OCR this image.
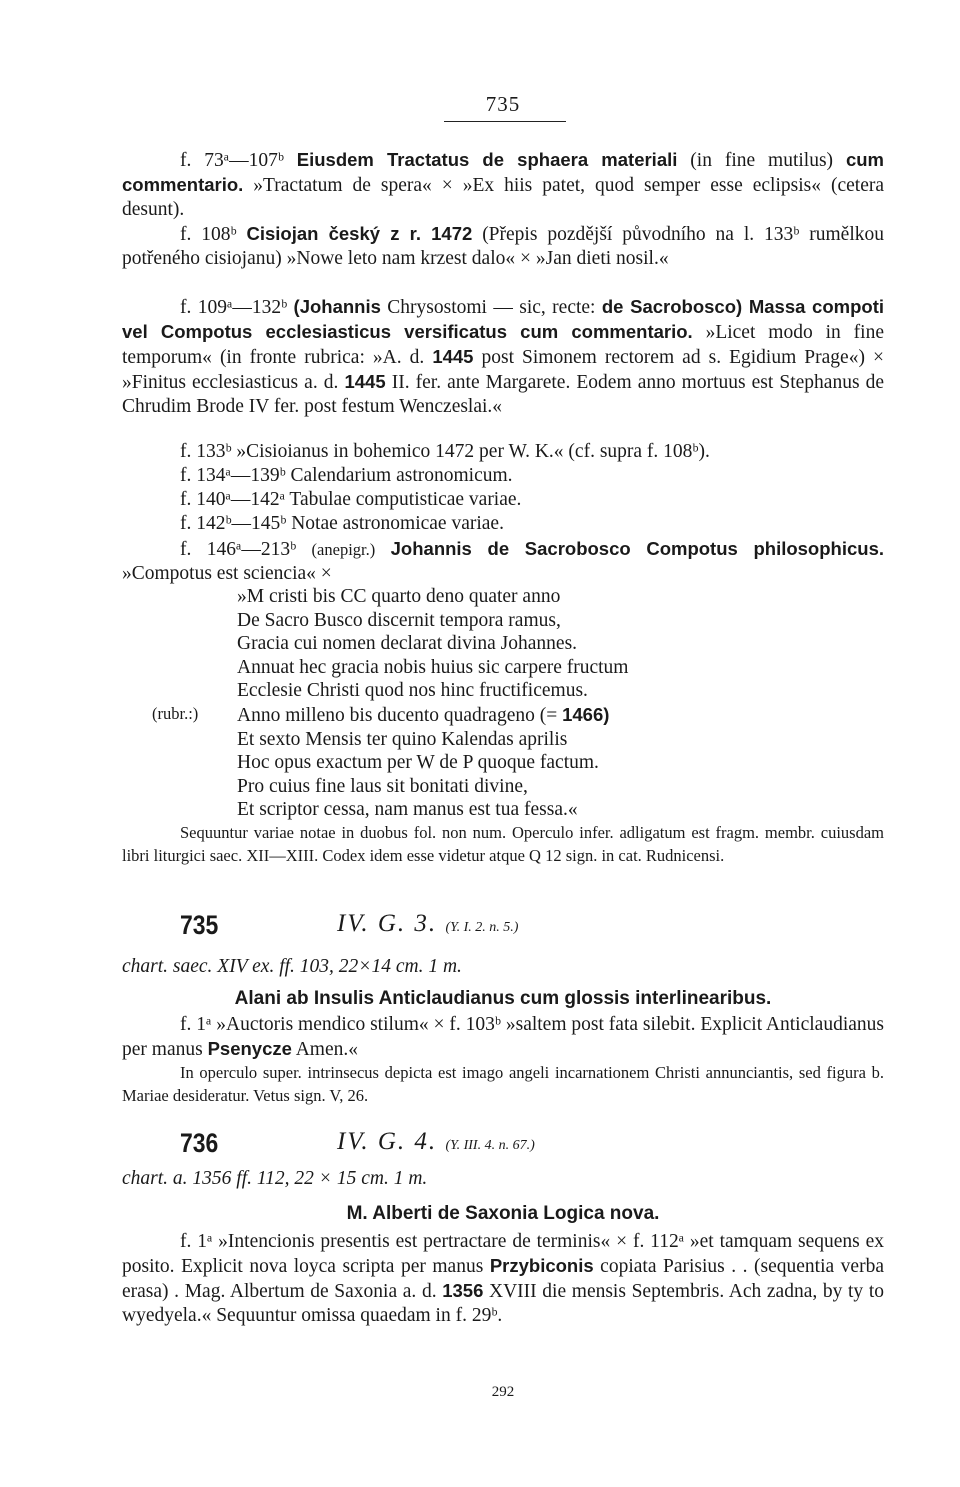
735
f. 73ᵃ—107ᵇ Eiusdem Tractatus de sphaera materiali (in fine mutilus) cum commentario. »Tractatum de spera« × »Ex hiis patet, quod semper esse eclipsis« (cetera desunt).
f. 108ᵇ Cisiojan český z r. 1472 (Přepis pozdější původního na l. 133ᵇ rumělkou potřeného cisiojanu) »Nowe leto nam krzest dalo« × »Jan dieti nosil.«
f. 109ᵃ—132ᵇ (Johannis Chrysostomi — sic, recte: de Sacrobosco) Massa compoti vel Compotus ecclesiasticus versificatus cum commentario. »Licet modo in fine temporum« (in fronte rubrica: »A. d. 1445 post Simonem rectorem ad s. Egidium Prage«) × »Finitus ecclesiasticus a. d. 1445 II. fer. ante Margarete. Eodem anno mortuus est Stephanus de Chrudim Brode IV fer. post festum Wenczeslai.«
f. 133ᵇ »Cisioianus in bohemico 1472 per W. K.« (cf. supra f. 108ᵇ).
f. 134ᵃ—139ᵇ Calendarium astronomicum.
f. 140ᵃ—142ᵃ Tabulae computisticae variae.
f. 142ᵇ—145ᵇ Notae astronomicae variae.
f. 146ᵃ—213ᵇ (anepigr.) Johannis de Sacrobosco Compotus philosophicus. »Compotus est sciencia« ×
»M cristi bis CC quarto deno quater anno
De Sacro Busco discernit tempora ramus,
Gracia cui nomen declarat divina Johannes.
Annuat hec gracia nobis huius sic carpere fructum
Ecclesie Christi quod nos hinc fructificemus.
(rubr.:) Anno milleno bis ducento quadrageno (= 1466)
Et sexto Mensis ter quino Kalendas aprilis
Hoc opus exactum per W de P quoque factum.
Pro cuius fine laus sit bonitati divine,
Et scriptor cessa, nam manus est tua fessa.«
Sequuntur variae notae in duobus fol. non num. Operculo infer. adligatum est fragm. membr. cuiusdam libri liturgici saec. XII—XIII. Codex idem esse videtur atque Q 12 sign. in cat. Rudnicensi.
735	IV. G. 3. (Y. I. 2. n. 5.)
chart. saec. XIV ex. ff. 103, 22×14 cm. 1 m.
Alani ab Insulis Anticlaudianus cum glossis interlinearibus.
f. 1ᵃ »Auctoris mendico stilum« × f. 103ᵇ »saltem post fata silebit. Explicit Anticlaudianus per manus Psenycze Amen.«
In operculo super. intrinsecus depicta est imago angeli incarnationem Christi annunciantis, sed figura b. Mariae desideratur. Vetus sign. V, 26.
736	IV. G. 4. (Y. III. 4. n. 67.)
chart. a. 1356 ff. 112, 22 × 15 cm. 1 m.
M. Alberti de Saxonia Logica nova.
f. 1ᵃ »Intencionis presentis est pertractare de terminis« × f. 112ᵃ »et tamquam sequens ex posito. Explicit nova loyca scripta per manus Przybiconis copiata Parisius . . (sequentia verba erasa) . Mag. Albertum de Saxonia a. d. 1356 XVIII die mensis Septembris. Ach zadna, by ty to wyedyela.« Sequuntur omissa quaedam in f. 29ᵇ.
292
